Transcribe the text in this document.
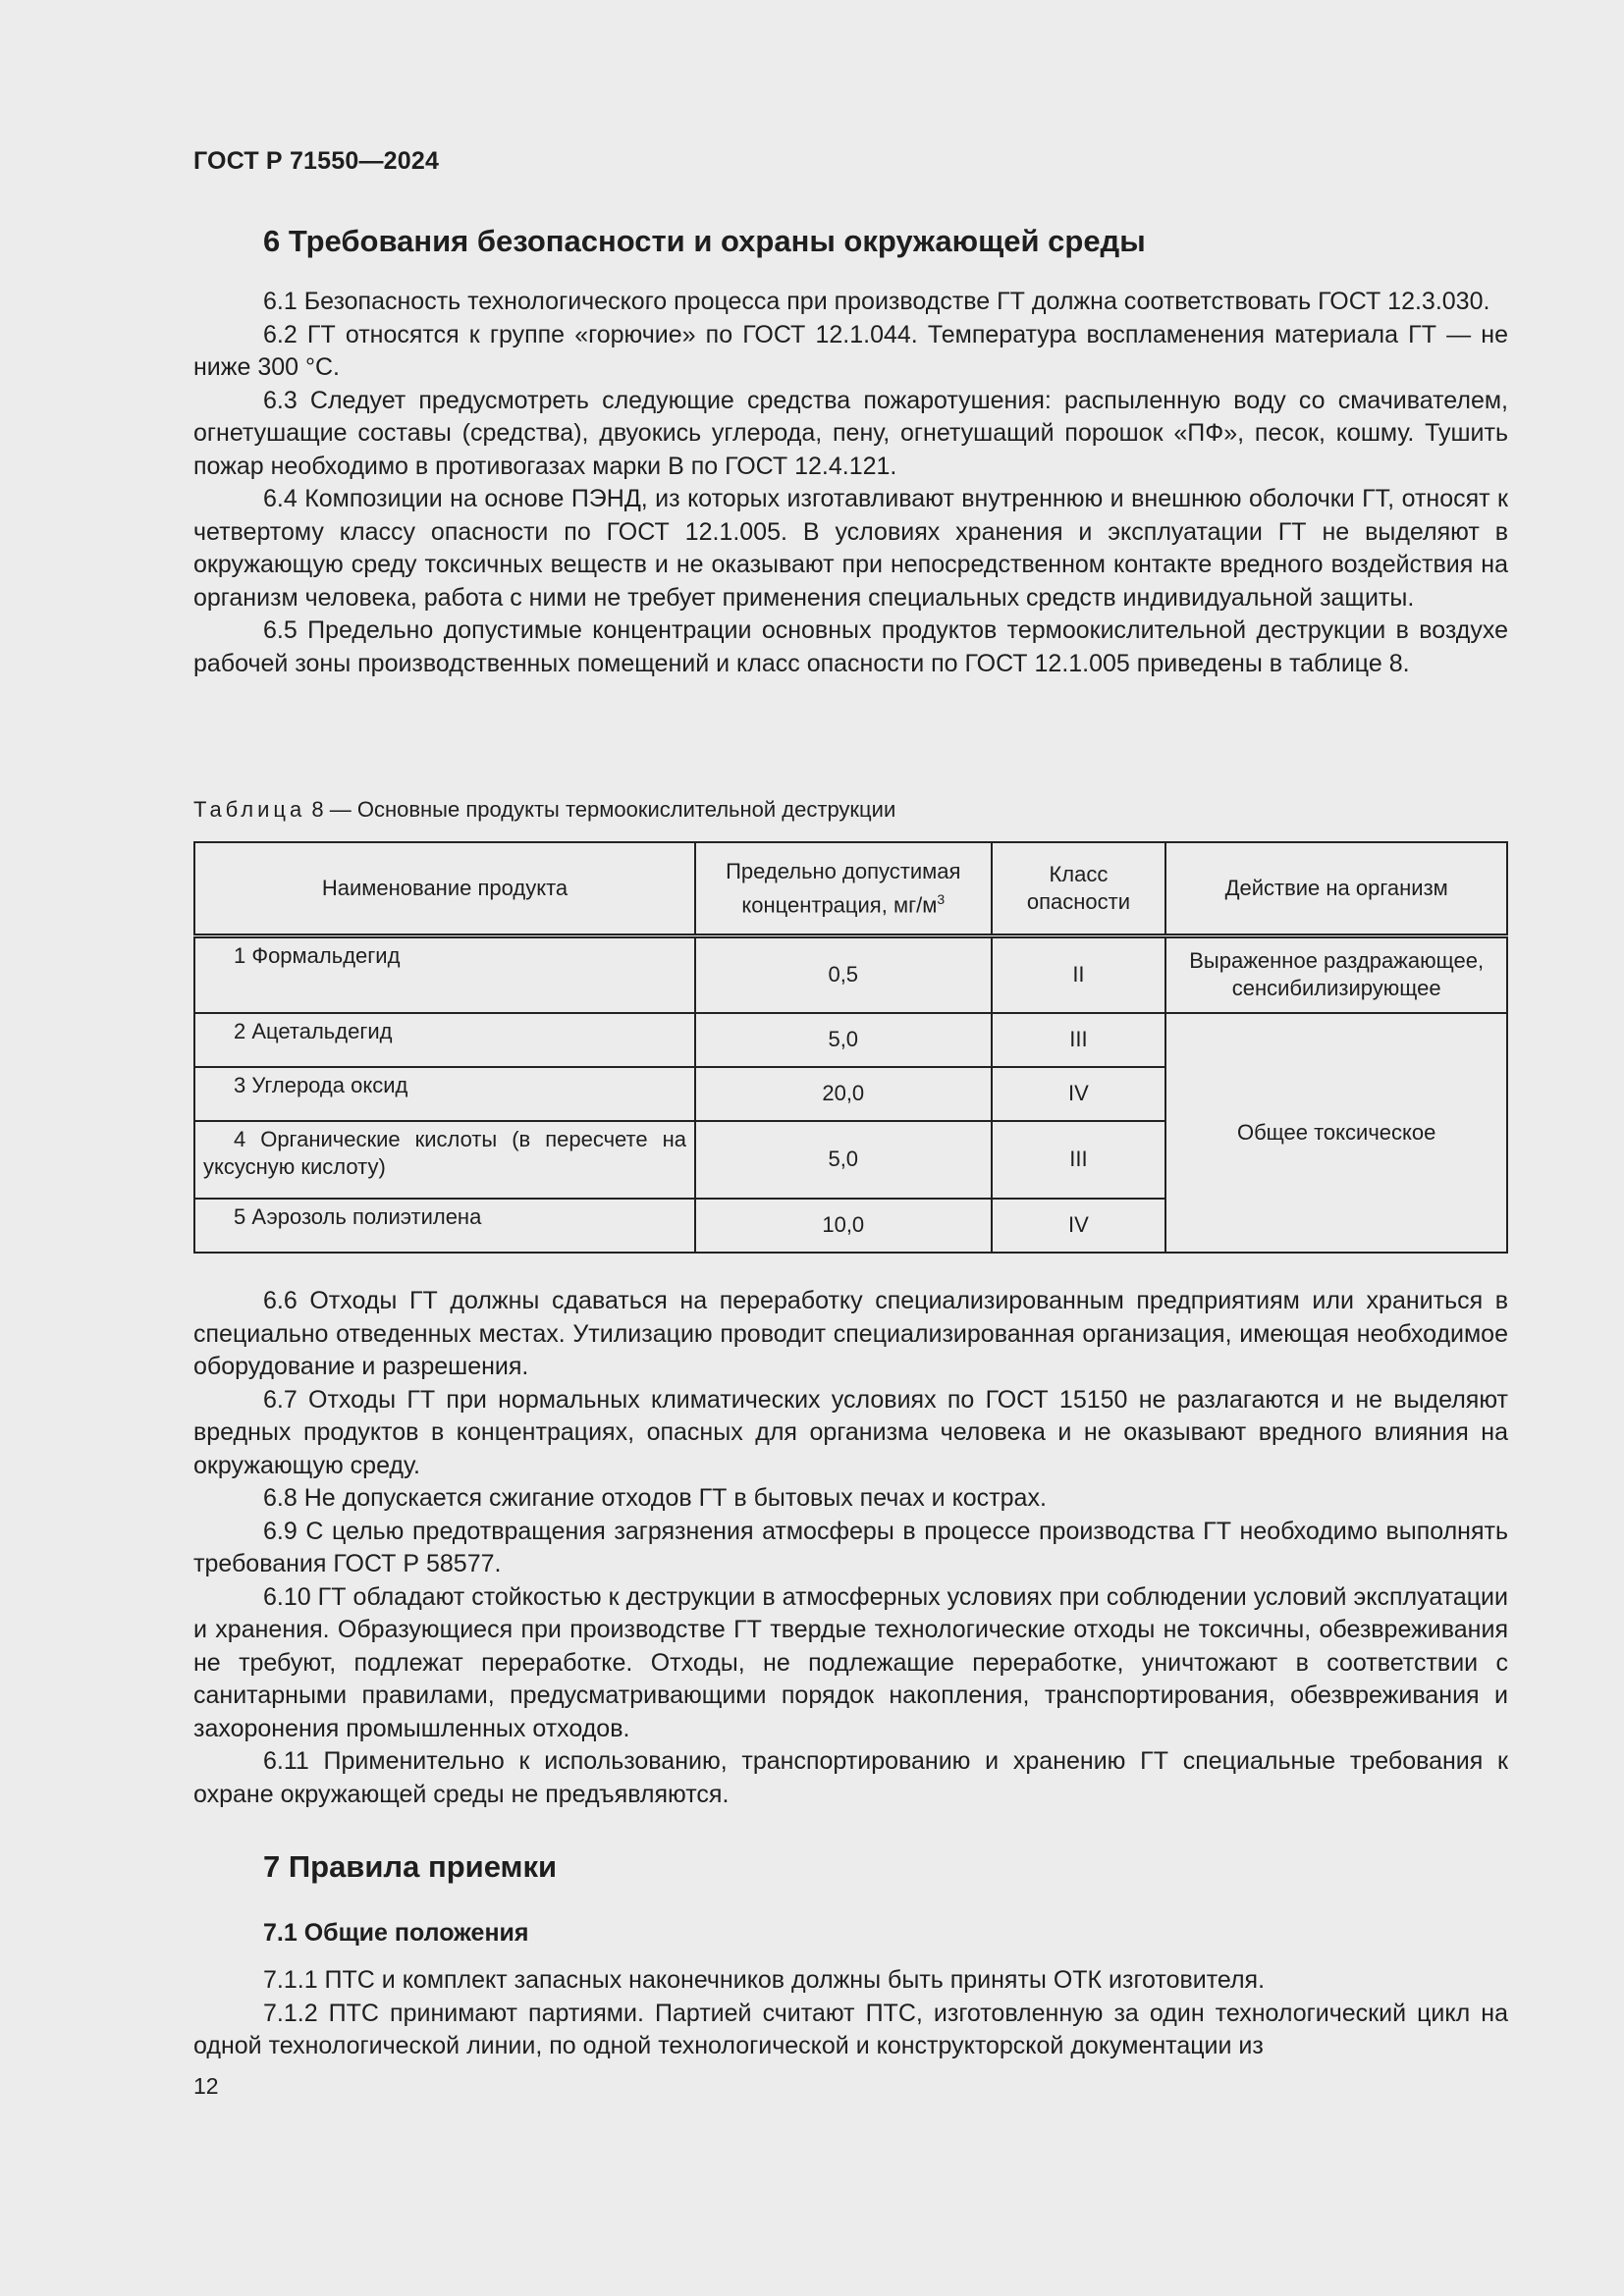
ГОСТ Р 71550—2024
6 Требования безопасности и охраны окружающей среды

6.1 Безопасность технологического процесса при производстве ГТ должна соответствовать ГОСТ 12.3.030.

6.2 ГТ относятся к группе «горючие» по ГОСТ 12.1.044. Температура воспламенения материала ГТ — не ниже 300 °С.

6.3 Следует предусмотреть следующие средства пожаротушения: распыленную воду со смачивателем, огнетушащие составы (средства), двуокись углерода, пену, огнетушащий порошок «ПФ», песок, кошму. Тушить пожар необходимо в противогазах марки В по ГОСТ 12.4.121.

6.4 Композиции на основе ПЭНД, из которых изготавливают внутреннюю и внешнюю оболочки ГТ, относят к четвертому классу опасности по ГОСТ 12.1.005. В условиях хранения и эксплуатации ГТ не выделяют в окружающую среду токсичных веществ и не оказывают при непосредственном контакте вредного воздействия на организм человека, работа с ними не требует применения специальных средств индивидуальной защиты.

6.5 Предельно допустимые концентрации основных продуктов термоокислительной деструкции в воздухе рабочей зоны производственных помещений и класс опасности по ГОСТ 12.1.005 приведены в таблице 8.

Таблица 8 — Основные продукты термоокислительной деструкции
Наименование продукта	Предельно допустимая концентрация, $мг/м^3$	Класс опасности	Действие на организм

1 Формальдегид	0,5	II	Выраженное раздражающее, сенсибилизирующее

2 Ацетальдегид	5,0	III	Общее токсическое

3 Углерода оксид	20,0	IV	

4 Органические кислоты (в пересчете на уксусную кислоту)	5,0	III	

5 Аэрозоль полиэтилена	10,0	IV	

6.6 Отходы ГТ должны сдаваться на переработку специализированным предприятиям или храниться в специально отведенных местах. Утилизацию проводит специализированная организация, имеющая необходимое оборудование и разрешения.

6.7 Отходы ГТ при нормальных климатических условиях по ГОСТ 15150 не разлагаются и не выделяют вредных продуктов в концентрациях, опасных для организма человека и не оказывают вредного влияния на окружающую среду.

6.8 Не допускается сжигание отходов ГТ в бытовых печах и кострах.

6.9 С целью предотвращения загрязнения атмосферы в процессе производства ГТ необходимо выполнять требования ГОСТ Р 58577.

6.10 ГТ обладают стойкостью к деструкции в атмосферных условиях при соблюдении условий эксплуатации и хранения. Образующиеся при производстве ГТ твердые технологические отходы не токсичны, обезвреживания не требуют, подлежат переработке. Отходы, не подлежащие переработке, уничтожают в соответствии с санитарными правилами, предусматривающими порядок накопления, транспортирования, обезвреживания и захоронения промышленных отходов.

6.11 Применительно к использованию, транспортированию и хранению ГТ специальные требования к охране окружающей среды не предъявляются.

7 Правила приемки
7.1 Общие положения

7.1.1 ПТС и комплект запасных наконечников должны быть приняты ОТК изготовителя.

7.1.2 ПТС принимают партиями. Партией считают ПТС, изготовленную за один технологический цикл на одной технологической линии, по одной технологической и конструкторской документации из

12
